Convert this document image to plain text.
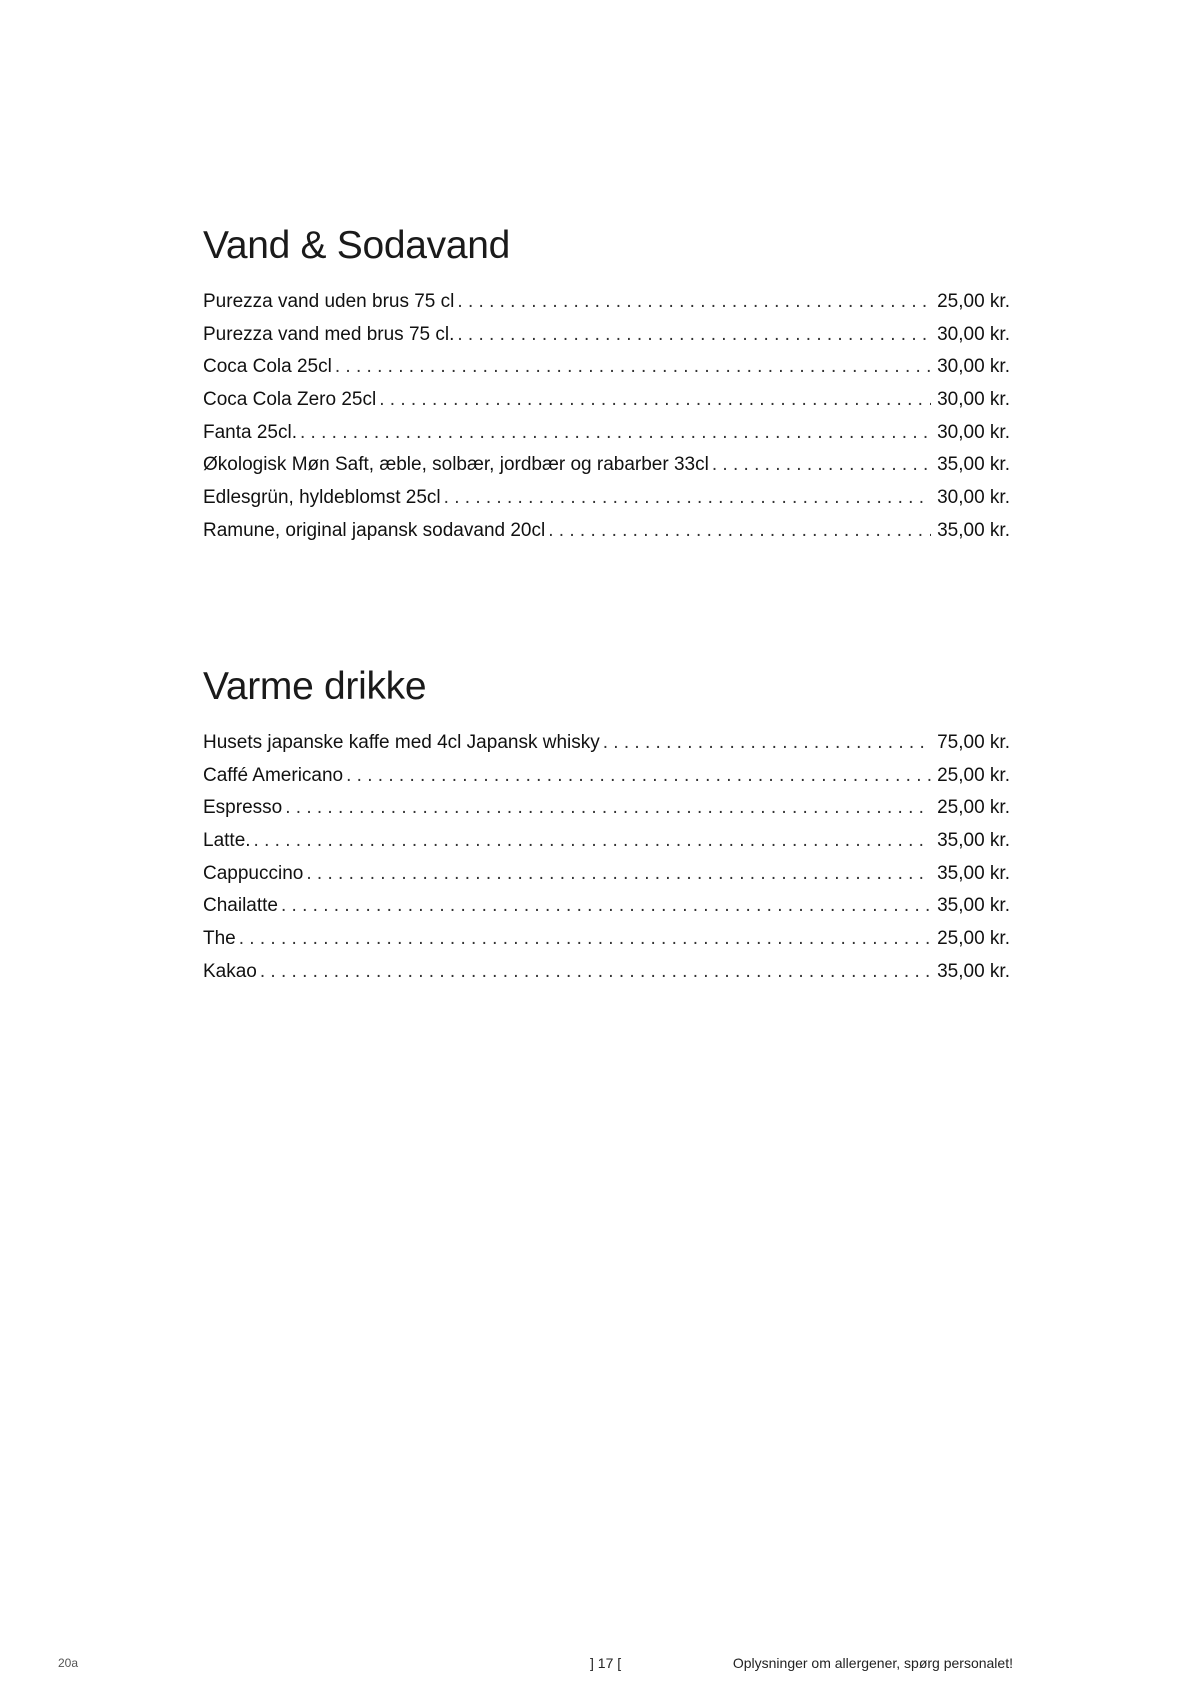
Vand & Sodavand
Purezza vand uden brus 75 cl . . .	25,00 kr.
Purezza vand med brus 75 cl. . . .	30,00 kr.
Coca Cola 25cl . . .	30,00 kr.
Coca Cola Zero 25cl . . .	30,00 kr.
Fanta 25cl. . . .	30,00 kr.
Økologisk Møn Saft, æble, solbær, jordbær og rabarber 33cl . . .	35,00 kr.
Edlesgrün, hyldeblomst 25cl . . .	30,00 kr.
Ramune, original japansk sodavand 20cl . . .	35,00 kr.
Varme drikke
Husets japanske kaffe med 4cl Japansk whisky . . .	75,00 kr.
Caffé Americano . . .	25,00 kr.
Espresso . . .	25,00 kr.
Latte. . . .	35,00 kr.
Cappuccino . . .	35,00 kr.
Chailatte . . .	35,00 kr.
The . . .	25,00 kr.
Kakao . . .	35,00 kr.
20a	] 17 [	Oplysninger om allergener, spørg personalet!
